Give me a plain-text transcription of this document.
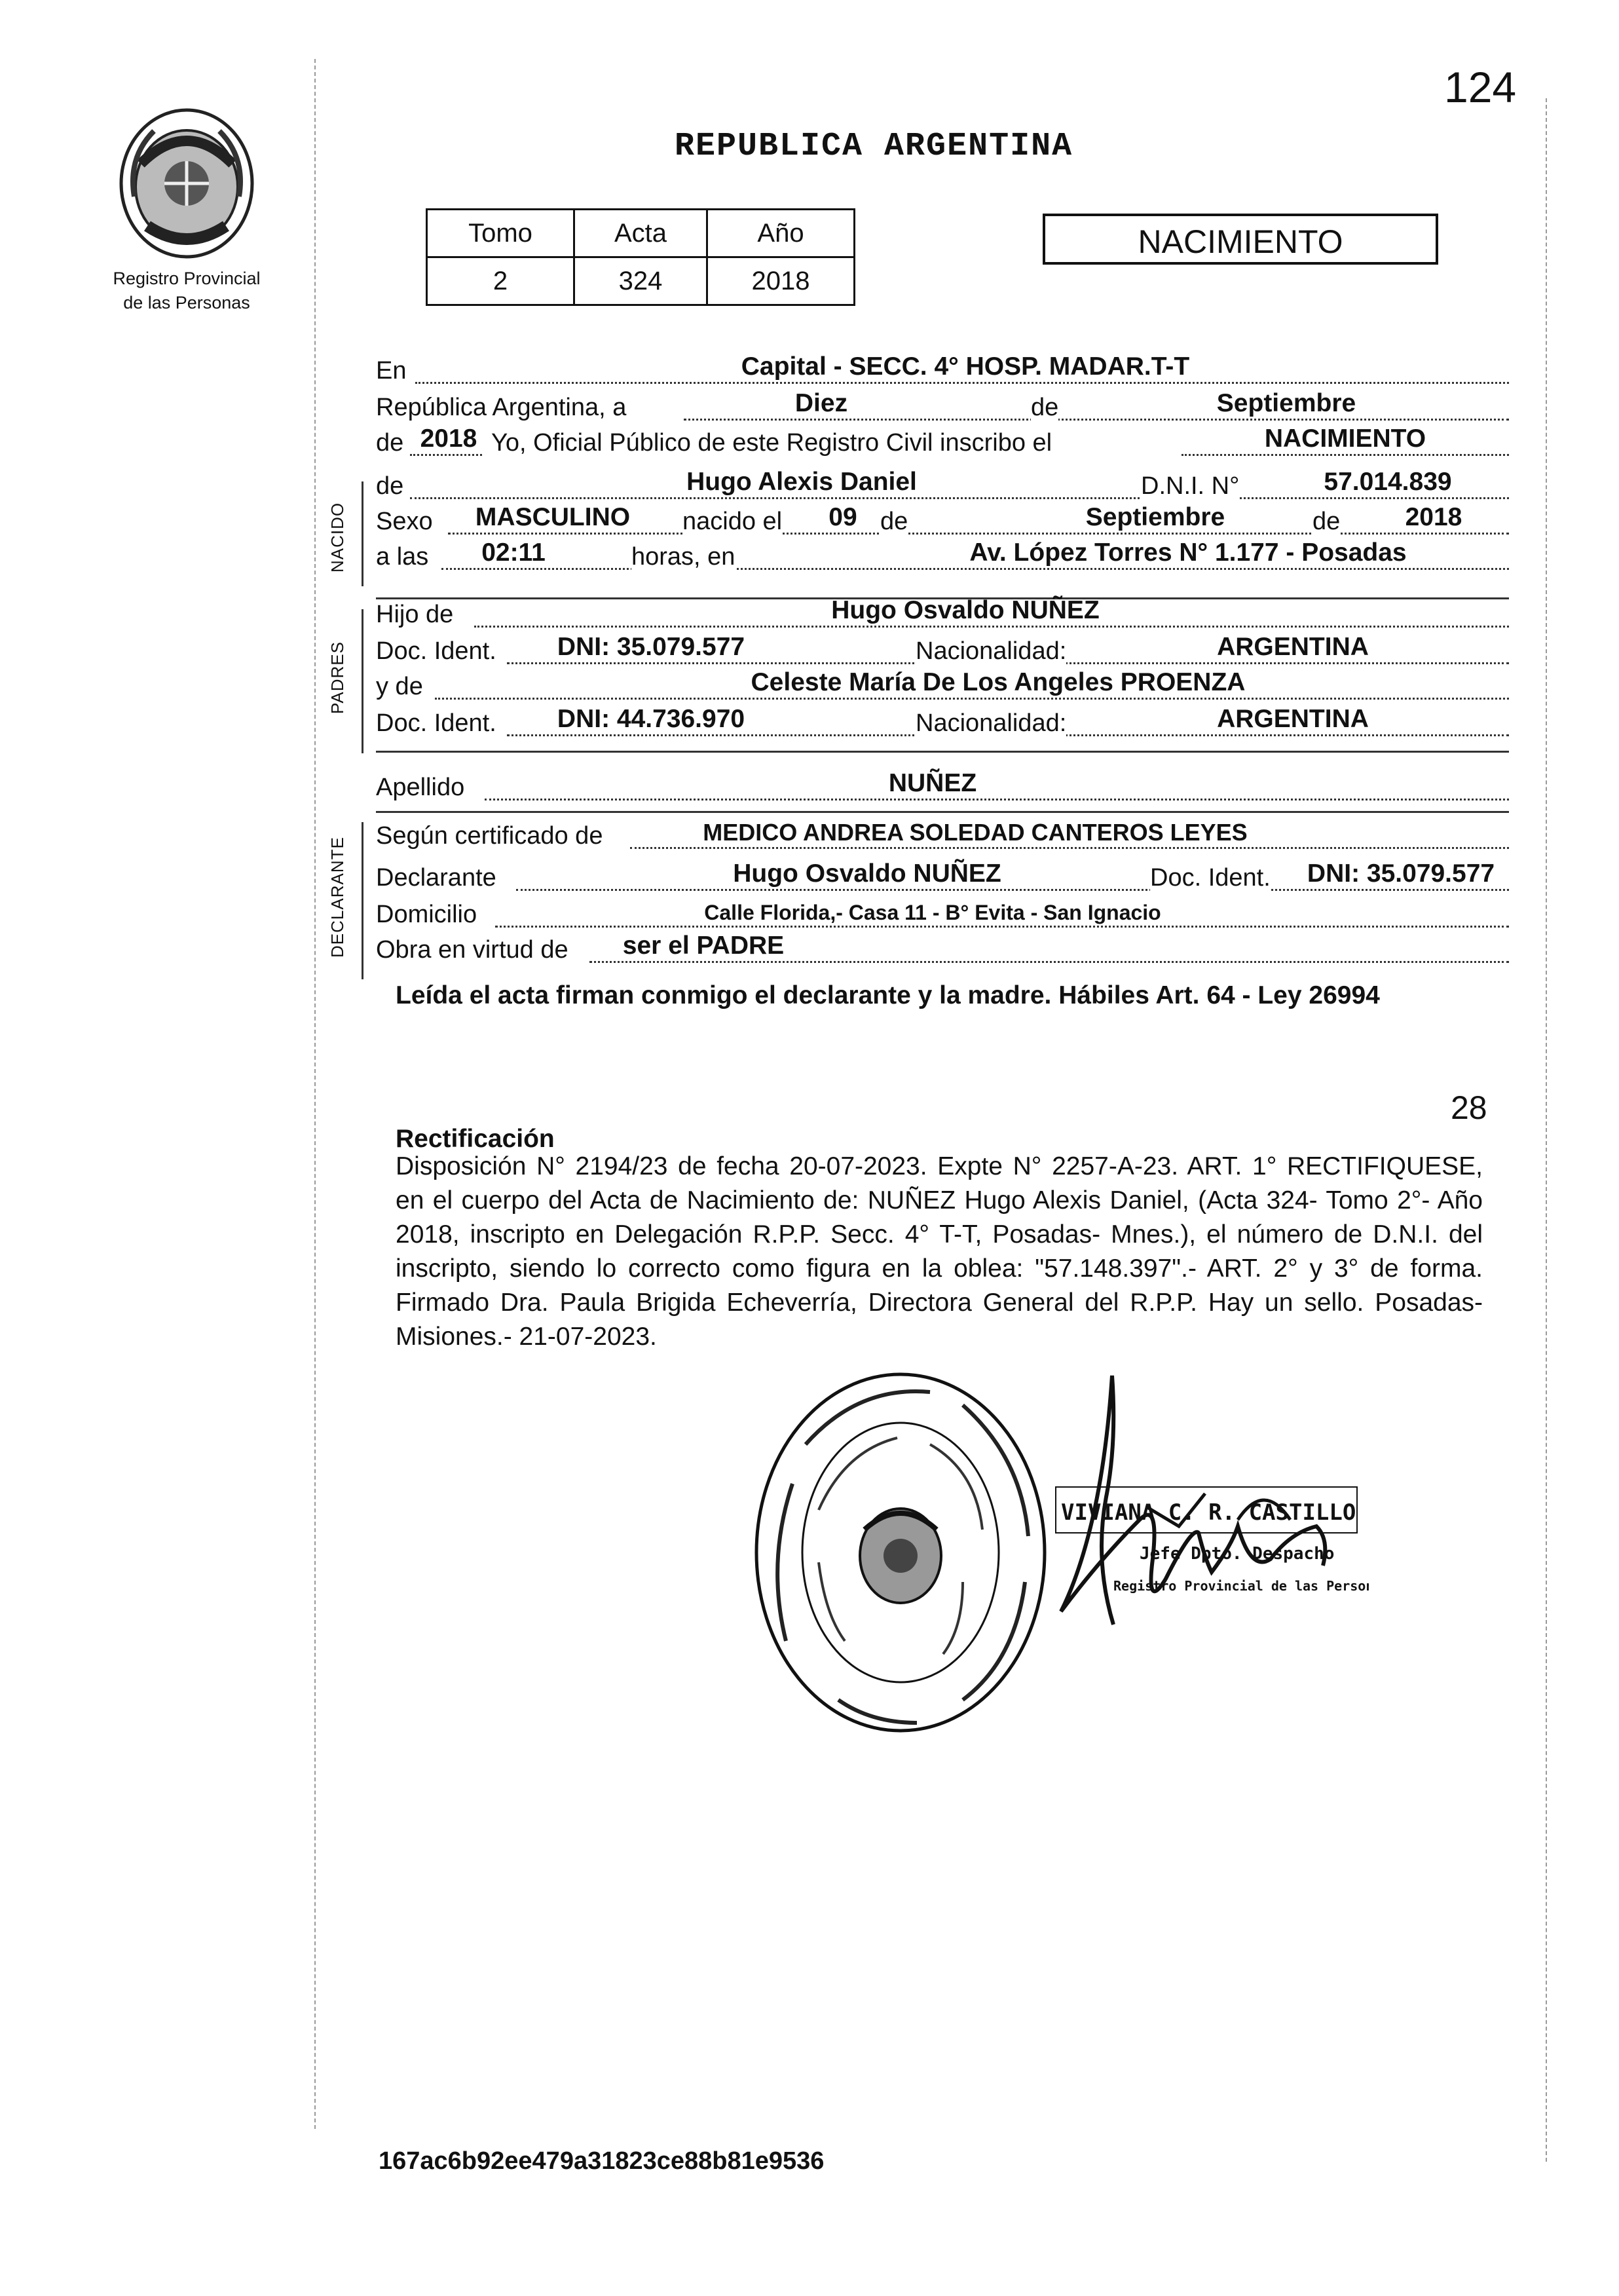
124
Registro Provincial
de las Personas
REPUBLICA ARGENTINA
Tomo	Acta	Año
2	324	2018
NACIMIENTO
NACIDO
PADRES
DECLARANTE
En	Capital - SECC. 4° HOSP. MADAR.T-T
República Argentina, a	Diez	de	Septiembre
de 2018 Yo, Oficial Público de este Registro Civil inscribo el	NACIMIENTO
de	Hugo Alexis Daniel	D.N.I. N°	57.014.839
Sexo	MASCULINO	nacido el	09 de	Septiembre	de	2018
a las	02:11	horas, en	Av. López Torres N° 1.177 - Posadas
Hijo de	Hugo Osvaldo NUÑEZ
Doc. Ident.	DNI: 35.079.577	Nacionalidad:	ARGENTINA
y de	Celeste María De Los Angeles PROENZA
Doc. Ident.	DNI: 44.736.970	Nacionalidad:	ARGENTINA
Apellido	NUÑEZ
Según certificado de	MEDICO ANDREA SOLEDAD CANTEROS LEYES
Declarante	Hugo Osvaldo NUÑEZ	Doc. Ident.	DNI: 35.079.577
Domicilio	Calle Florida,- Casa 11 - B° Evita - San Ignacio
Obra en virtud de	ser el PADRE
Leída el acta firman conmigo el declarante y la madre. Hábiles Art. 64 - Ley 26994
28
Rectificación
Disposición N° 2194/23 de fecha 20-07-2023. Expte N° 2257-A-23. ART. 1° RECTIFIQUESE, en el cuerpo del Acta de Nacimiento de: NUÑEZ Hugo Alexis Daniel, (Acta 324- Tomo 2°- Año 2018, inscripto en Delegación R.P.P. Secc. 4° T-T, Posadas- Mnes.), el número de D.N.I. del inscripto, siendo lo correcto como figura en la oblea: "57.148.397".- ART. 2° y 3° de forma. Firmado Dra. Paula Brigida Echeverría, Directora General del R.P.P. Hay un sello. Posadas- Misiones.- 21-07-2023.
VIVIANA C. R. CASTILLO
Jefe Dpto. Despacho
Registro Provincial de las Personas
167ac6b92ee479a31823ce88b81e9536
